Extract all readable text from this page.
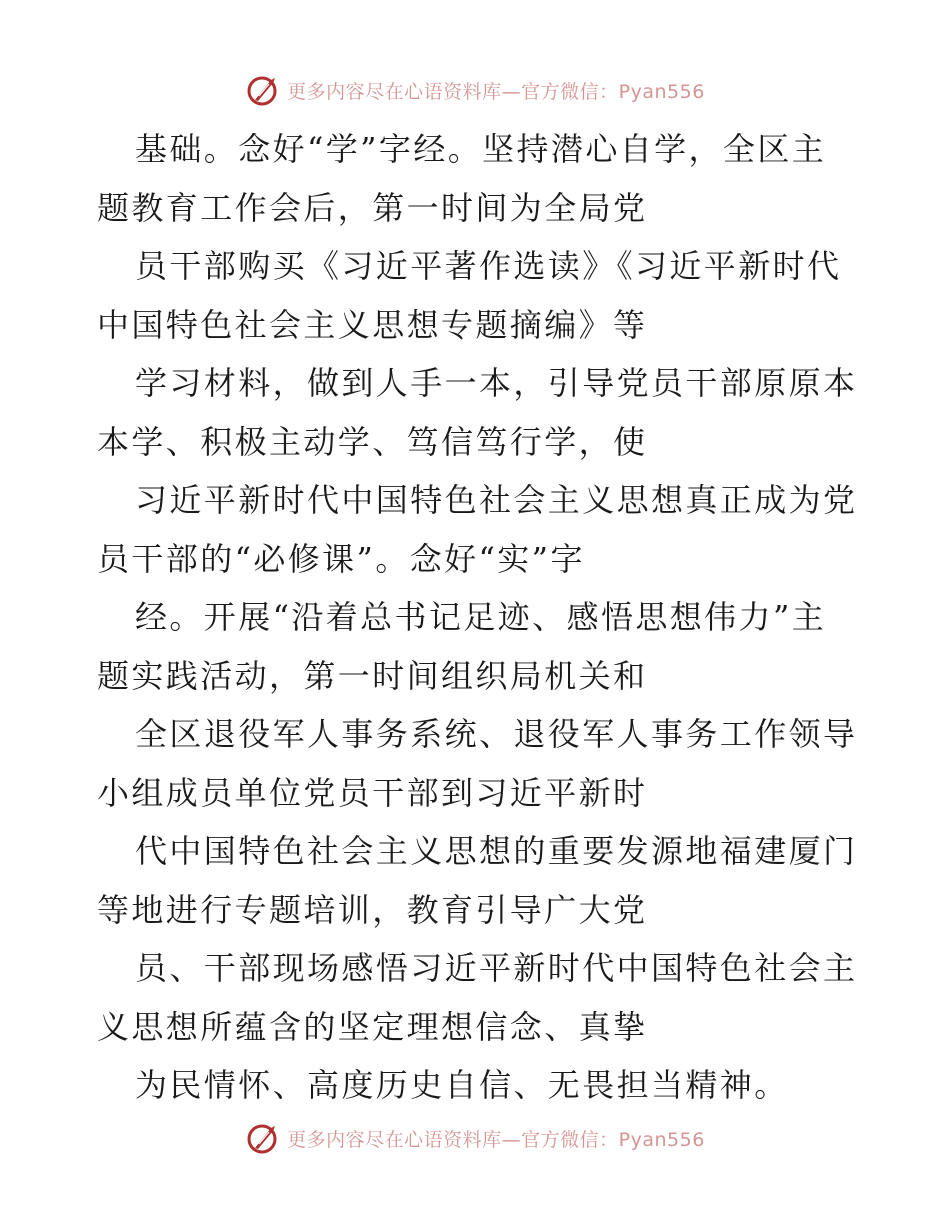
更多内容尽在心语资料库—官方微信：Pyan556
基础。念好“学”字经。坚持潜心自学，全区主
题教育工作会后，第一时间为全局党
员干部购买《习近平著作选读》《习近平新时代
中国特色社会主义思想专题摘编》等
学习材料，做到人手一本，引导党员干部原原本
本学、积极主动学、笃信笃行学，使
习近平新时代中国特色社会主义思想真正成为党
员干部的“必修课”。念好“实”字
经。开展“沿着总书记足迹、感悟思想伟力”主
题实践活动，第一时间组织局机关和
全区退役军人事务系统、退役军人事务工作领导
小组成员单位党员干部到习近平新时
代中国特色社会主义思想的重要发源地福建厦门
等地进行专题培训，教育引导广大党
员、干部现场感悟习近平新时代中国特色社会主
义思想所蕴含的坚定理想信念、真挚
为民情怀、高度历史自信、无畏担当精神。
更多内容尽在心语资料库—官方微信：Pyan556
